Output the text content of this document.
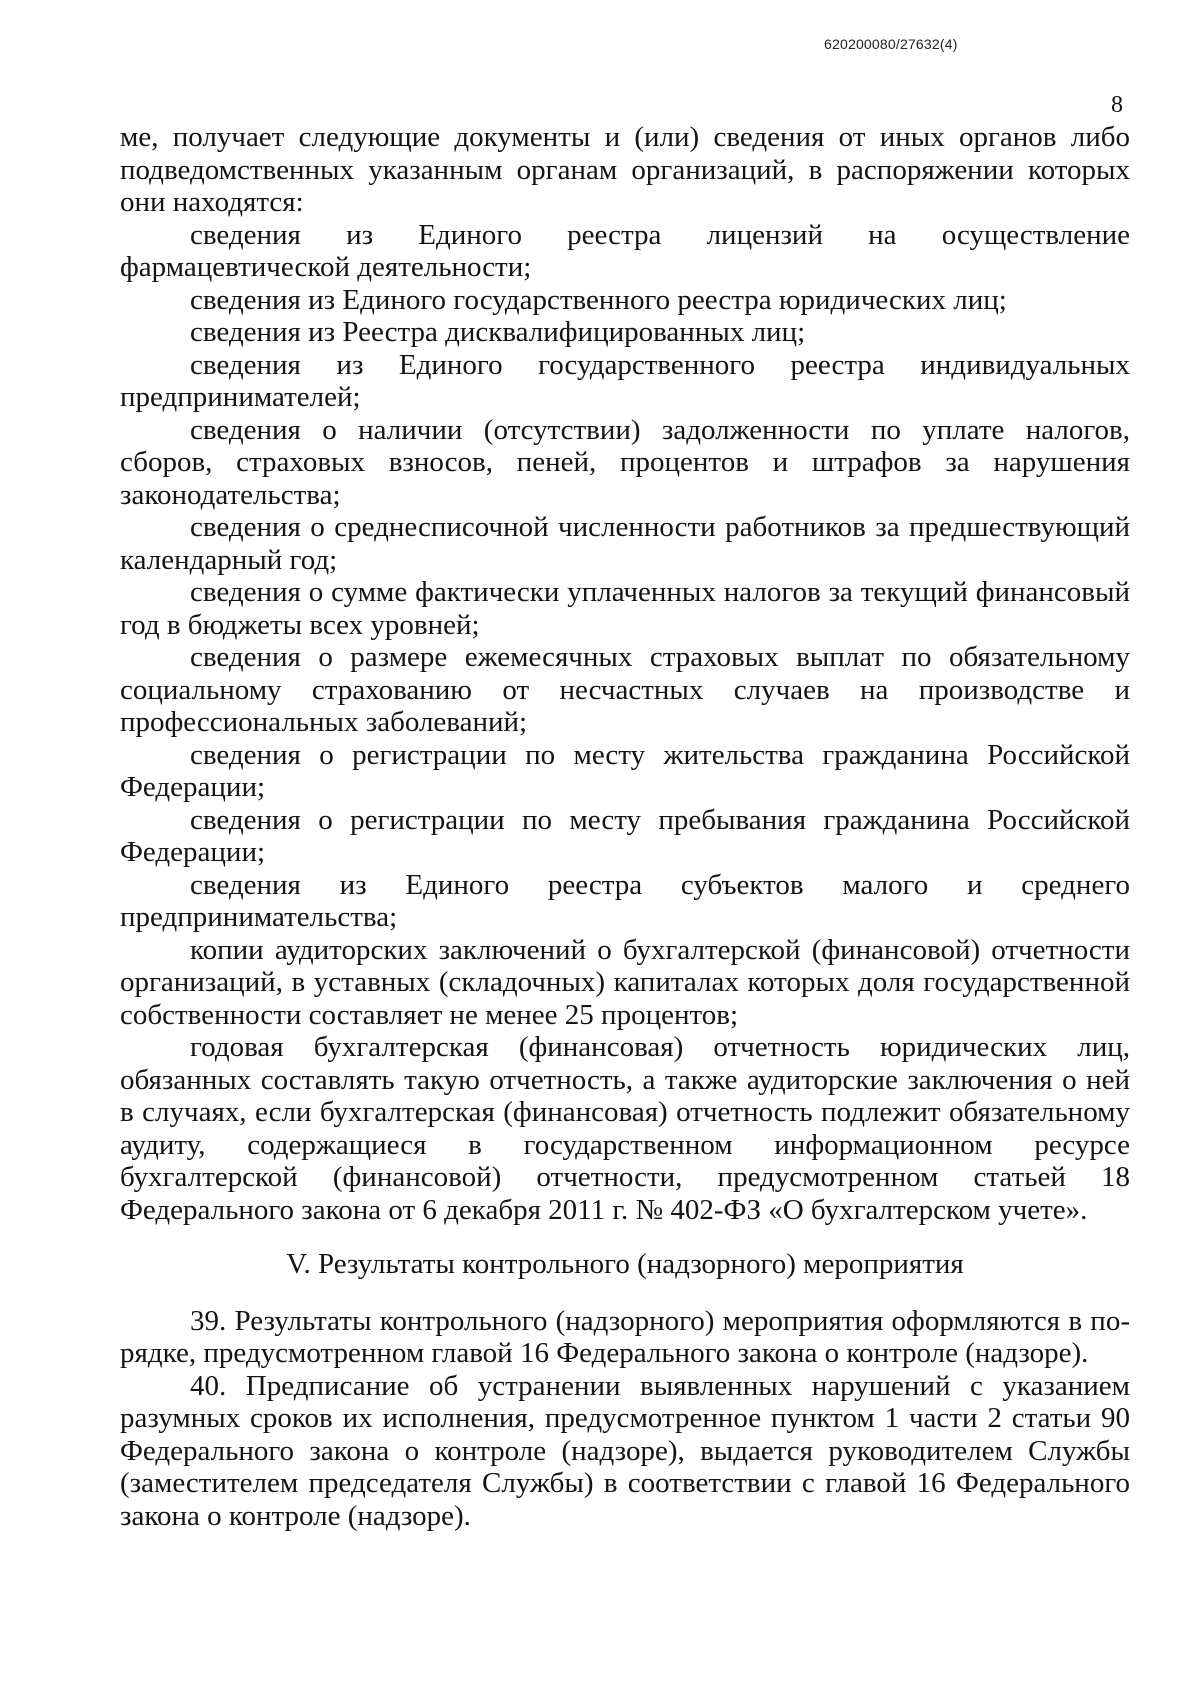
620200080/27632(4)
8

ме, получает следующие документы и (или) сведения от иных органов либо подведомственных указанным органам организаций, в распоряжении которых они находятся:

сведения из Единого реестра лицензий на осуществление фармацевтической деятельности;

сведения из Единого государственного реестра юридических лиц;

сведения из Реестра дисквалифицированных лиц;

сведения из Единого государственного реестра индивидуальных предпринимателей;

сведения о наличии (отсутствии) задолженности по уплате налогов, сборов, страховых взносов, пеней, процентов и штрафов за нарушения законодательства;

сведения о среднесписочной численности работников за предшествующий календарный год;

сведения о сумме фактически уплаченных налогов за текущий финансовый год в бюджеты всех уровней;

сведения о размере ежемесячных страховых выплат по обязательному социальному страхованию от несчастных случаев на производстве и профессиональных заболеваний;

сведения о регистрации по месту жительства гражданина Российской Федерации;

сведения о регистрации по месту пребывания гражданина Российской Федерации;

сведения из Единого реестра субъектов малого и среднего предпринимательства;

копии аудиторских заключений о бухгалтерской (финансовой) отчетности организаций, в уставных (складочных) капиталах которых доля государственной собственности составляет не менее 25 процентов;

годовая бухгалтерская (финансовая) отчетность юридических лиц, обязанных составлять такую отчетность, а также аудиторские заключения о ней в случаях, если бухгалтерская (финансовая) отчетность подлежит обязательному аудиту, содержащиеся в государственном информационном ресурсе бухгалтерской (финансовой) отчетности, предусмотренном статьей 18 Федерального закона от 6 декабря 2011 г. № 402-ФЗ «О бухгалтерском учете».

V. Результаты контрольного (надзорного) мероприятия

39. Результаты контрольного (надзорного) мероприятия оформляются в порядке, предусмотренном главой 16 Федерального закона о контроле (надзоре).

40. Предписание об устранении выявленных нарушений с указанием разумных сроков их исполнения, предусмотренное пунктом 1 части 2 статьи 90 Федерального закона о контроле (надзоре), выдается руководителем Службы (заместителем председателя Службы) в соответствии с главой 16 Федерального закона о контроле (надзоре).
